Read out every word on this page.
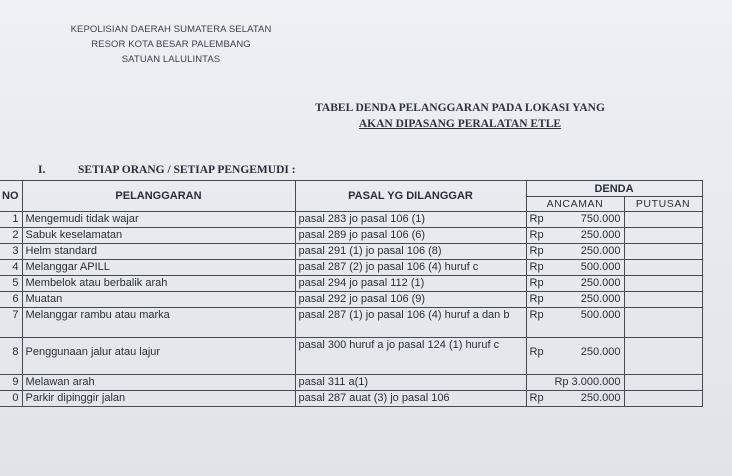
KEPOLISIAN DAERAH SUMATERA SELATAN
RESOR KOTA BESAR PALEMBANG
SATUAN LALULINTAS
TABEL DENDA PELANGGARAN PADA LOKASI YANG
AKAN DIPASANG PERALATAN ETLE
I.	SETIAP ORANG / SETIAP PENGEMUDI :
NO	PELANGGARAN	PASAL YG DILANGGAR	DENDA	
			ANCAMAN	PUTUSAN
1	Mengemudi tidak wajar	pasal 283 jo pasal 106 (1)	Rp 750.000	

2	Sabuk keselamatan	pasal 289 jo pasal 106 (6)	Rp 250.000	

3	Helm standard	pasal 291 (1) jo pasal 106 (8)	Rp 250.000	

4	Melanggar APILL	pasal 287 (2) jo pasal 106 (4) huruf c	Rp 500.000	

5	Membelok atau berbalik arah	pasal 294 jo pasal 112 (1)	Rp 250.000	

6	Muatan	pasal 292 jo pasal 106 (9)	Rp 250.000	

7	Melanggar rambu atau marka	pasal 287 (1) jo pasal 106 (4) huruf a dan b	Rp 500.000	

8	Penggunaan jalur atau lajur	pasal 300 huruf a jo pasal 124 (1) huruf c	Rp 250.000	

9	Melawan arah	pasal 311 a(1)	Rp 3.000.000	

0	Parkir dipinggir jalan	pasal 287 auat (3) jo pasal 106	Rp 250.000	
